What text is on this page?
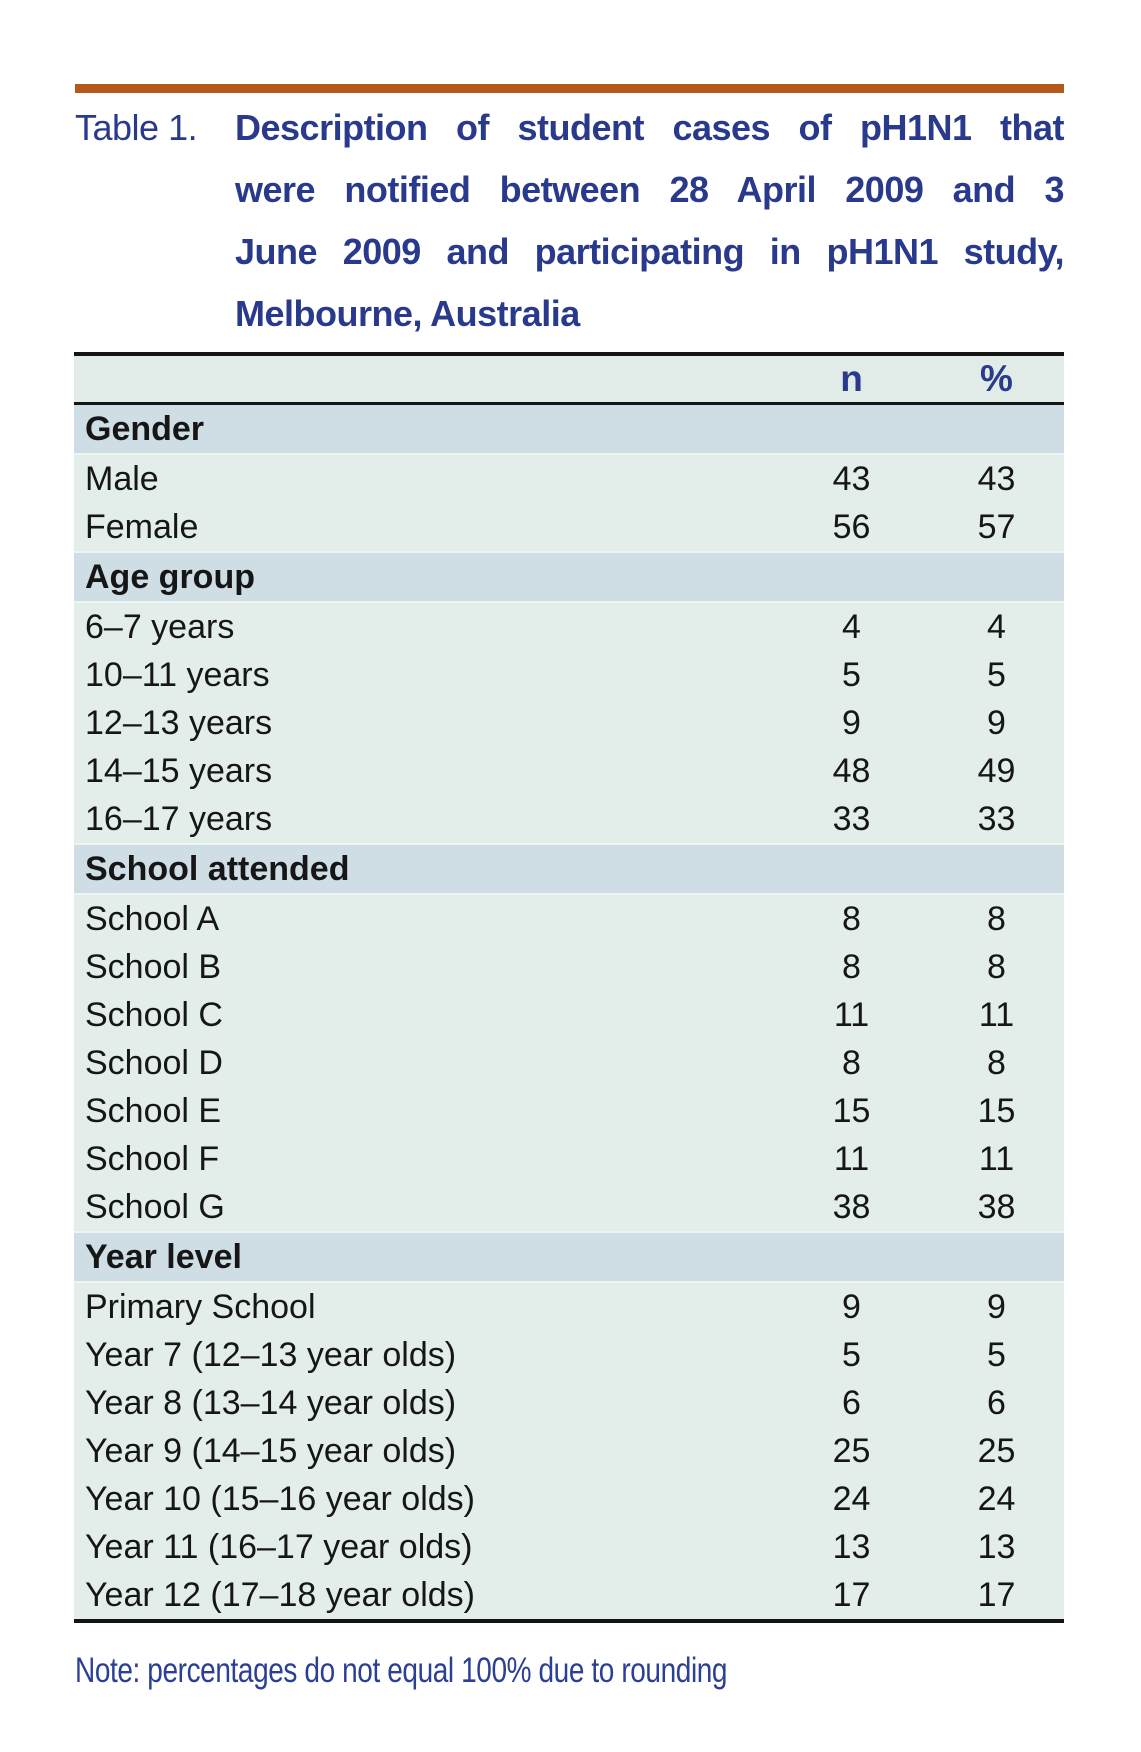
Table 1.	Description of student cases of pH1N1 that
were notified between 28 April 2009 and 3
June 2009 and participating in pH1N1 study,
Melbourne, Australia
	n	%
Gender		
Male	43	43
Female	56	57
Age group		
6–7 years	4	4
10–11 years	5	5
12–13 years	9	9
14–15 years	48	49
16–17 years	33	33
School attended		
School A	8	8
School B	8	8
School C	11	11
School D	8	8
School E	15	15
School F	11	11
School G	38	38
Year level		
Primary School	9	9
Year 7 (12–13 year olds)	5	5
Year 8 (13–14 year olds)	6	6
Year 9 (14–15 year olds)	25	25
Year 10 (15–16 year olds)	24	24
Year 11 (16–17 year olds)	13	13
Year 12 (17–18 year olds)	17	17
Note: percentages do not equal 100% due to rounding
